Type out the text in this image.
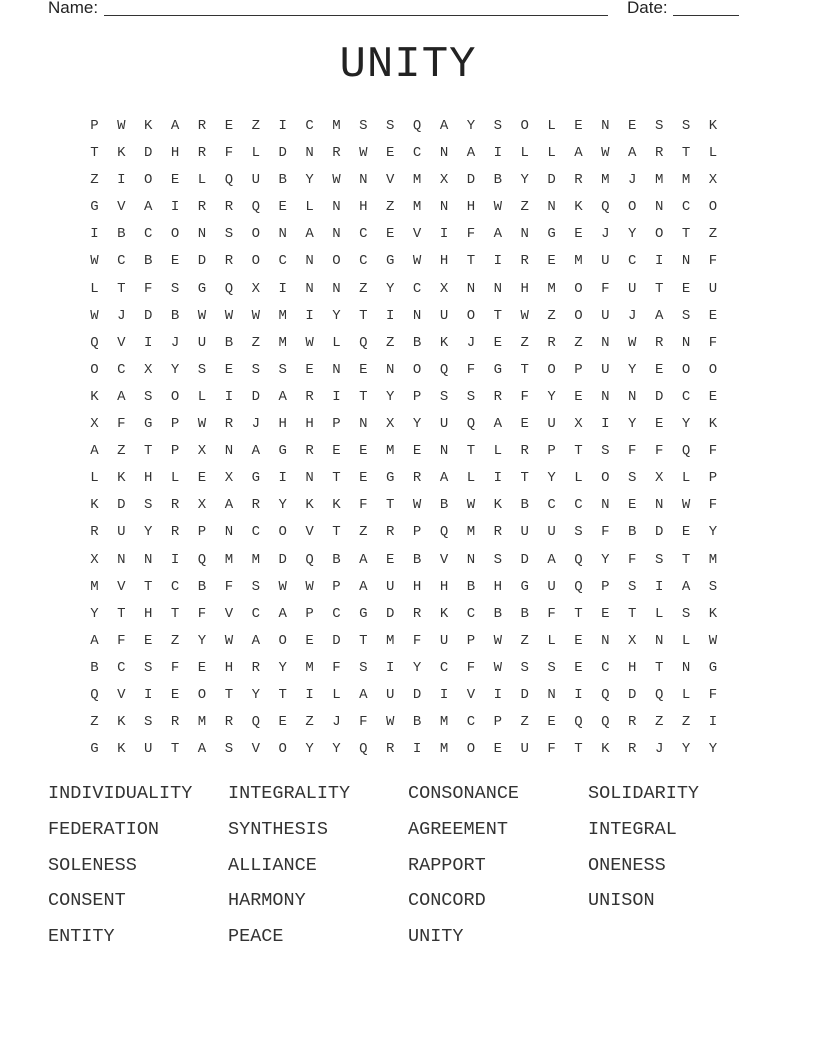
Name:	Date:
UNITY
P	W	K	A	R	E	Z	I	C	M	S	S	Q	A	Y	S	O	L	E	N	E	S	S	K
T	K	D	H	R	F	L	D	N	R	W	E	C	N	A	I	L	L	A	W	A	R	T	L
Z	I	O	E	L	Q	U	B	Y	W	N	V	M	X	D	B	Y	D	R	M	J	M	M	X
G	V	A	I	R	R	Q	E	L	N	H	Z	M	N	H	W	Z	N	K	Q	O	N	C	O
I	B	C	O	N	S	O	N	A	N	C	E	V	I	F	A	N	G	E	J	Y	O	T	Z
W	C	B	E	D	R	O	C	N	O	C	G	W	H	T	I	R	E	M	U	C	I	N	F
L	T	F	S	G	Q	X	I	N	N	Z	Y	C	X	N	N	H	M	O	F	U	T	E	U
W	J	D	B	W	W	W	M	I	Y	T	I	N	U	O	T	W	Z	O	U	J	A	S	E
Q	V	I	J	U	B	Z	M	W	L	Q	Z	B	K	J	E	Z	R	Z	N	W	R	N	F
O	C	X	Y	S	E	S	S	E	N	E	N	O	Q	F	G	T	O	P	U	Y	E	O	O
K	A	S	O	L	I	D	A	R	I	T	Y	P	S	S	R	F	Y	E	N	N	D	C	E
X	F	G	P	W	R	J	H	H	P	N	X	Y	U	Q	A	E	U	X	I	Y	E	Y	K
A	Z	T	P	X	N	A	G	R	E	E	M	E	N	T	L	R	P	T	S	F	F	Q	F
L	K	H	L	E	X	G	I	N	T	E	G	R	A	L	I	T	Y	L	O	S	X	L	P
K	D	S	R	X	A	R	Y	K	K	F	T	W	B	W	K	B	C	C	N	E	N	W	F
R	U	Y	R	P	N	C	O	V	T	Z	R	P	Q	M	R	U	U	S	F	B	D	E	Y
X	N	N	I	Q	M	M	D	Q	B	A	E	B	V	N	S	D	A	Q	Y	F	S	T	M
M	V	T	C	B	F	S	W	W	P	A	U	H	H	B	H	G	U	Q	P	S	I	A	S
Y	T	H	T	F	V	C	A	P	C	G	D	R	K	C	B	B	F	T	E	T	L	S	K
A	F	E	Z	Y	W	A	O	E	D	T	M	F	U	P	W	Z	L	E	N	X	N	L	W
B	C	S	F	E	H	R	Y	M	F	S	I	Y	C	F	W	S	S	E	C	H	T	N	G
Q	V	I	E	O	T	Y	T	I	L	A	U	D	I	V	I	D	N	I	Q	D	Q	L	F
Z	K	S	R	M	R	Q	E	Z	J	F	W	B	M	C	P	Z	E	Q	Q	R	Z	Z	I
G	K	U	T	A	S	V	O	Y	Y	Q	R	I	M	O	E	U	F	T	K	R	J	Y	Y
INDIVIDUALITY	INTEGRALITY	CONSONANCE	SOLIDARITY
FEDERATION	SYNTHESIS	AGREEMENT	INTEGRAL
SOLENESS	ALLIANCE	RAPPORT	ONENESS
CONSENT	HARMONY	CONCORD	UNISON
ENTITY	PEACE	UNITY
